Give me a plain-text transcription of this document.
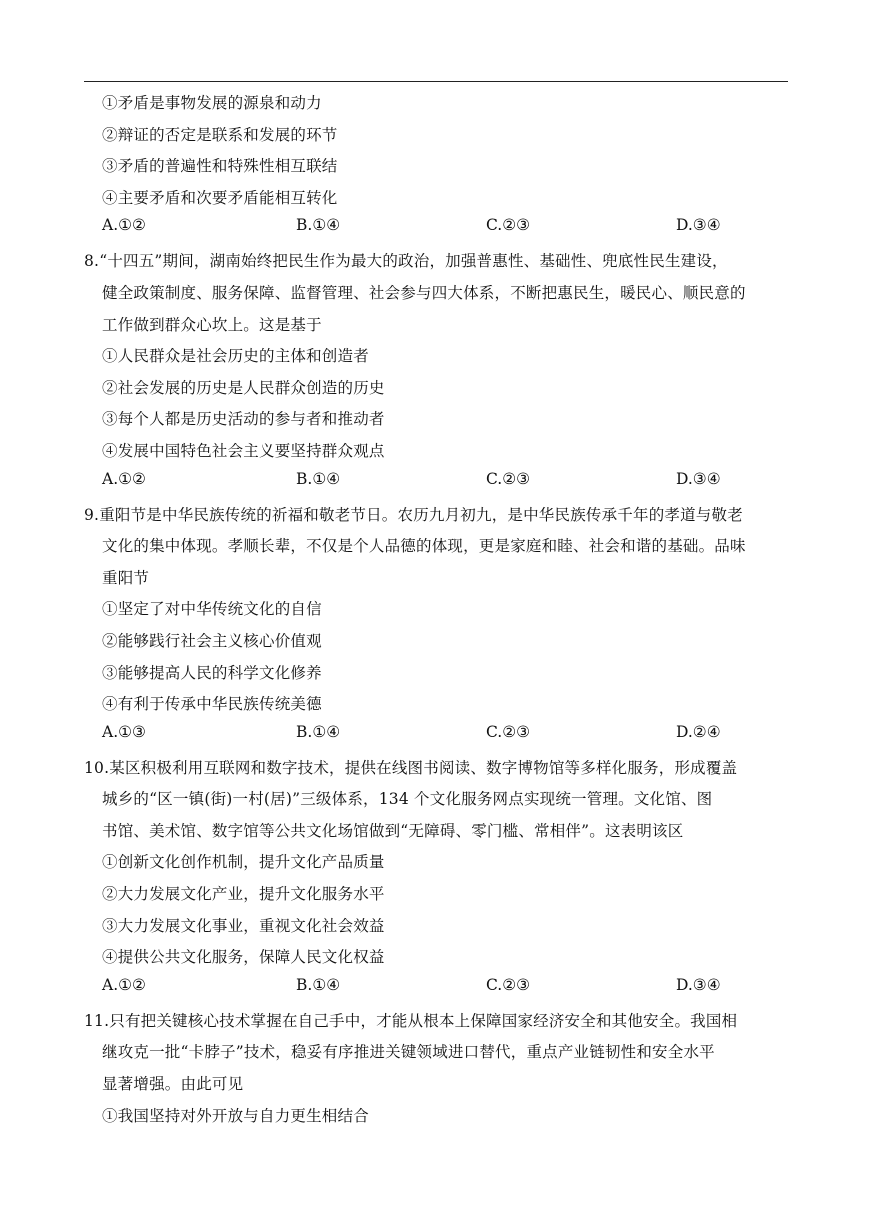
①矛盾是事物发展的源泉和动力
②辩证的否定是联系和发展的环节
③矛盾的普遍性和特殊性相互联结
④主要矛盾和次要矛盾能相互转化
A.①②	B.①④	C.②③	D.③④
8.“十四五”期间，湖南始终把民生作为最大的政治，加强普惠性、基础性、兜底性民生建设，
健全政策制度、服务保障、监督管理、社会参与四大体系，不断把惠民生，暖民心、顺民意的
工作做到群众心坎上。这是基于
①人民群众是社会历史的主体和创造者
②社会发展的历史是人民群众创造的历史
③每个人都是历史活动的参与者和推动者
④发展中国特色社会主义要坚持群众观点
A.①②	B.①④	C.②③	D.③④
9.重阳节是中华民族传统的祈福和敬老节日。农历九月初九，是中华民族传承千年的孝道与敬老
文化的集中体现。孝顺长辈，不仅是个人品德的体现，更是家庭和睦、社会和谐的基础。品味
重阳节
①坚定了对中华传统文化的自信
②能够践行社会主义核心价值观
③能够提高人民的科学文化修养
④有利于传承中华民族传统美德
A.①③	B.①④	C.②③	D.②④
10.某区积极利用互联网和数字技术，提供在线图书阅读、数字博物馆等多样化服务，形成覆盖
城乡的“区一镇(街)一村(居)”三级体系，134 个文化服务网点实现统一管理。文化馆、图
书馆、美术馆、数字馆等公共文化场馆做到“无障碍、零门槛、常相伴”。这表明该区
①创新文化创作机制，提升文化产品质量
②大力发展文化产业，提升文化服务水平
③大力发展文化事业，重视文化社会效益
④提供公共文化服务，保障人民文化权益
A.①②	B.①④	C.②③	D.③④
11.只有把关键核心技术掌握在自己手中，才能从根本上保障国家经济安全和其他安全。我国相
继攻克一批“卡脖子”技术，稳妥有序推进关键领域进口替代，重点产业链韧性和安全水平
显著增强。由此可见
①我国坚持对外开放与自力更生相结合
